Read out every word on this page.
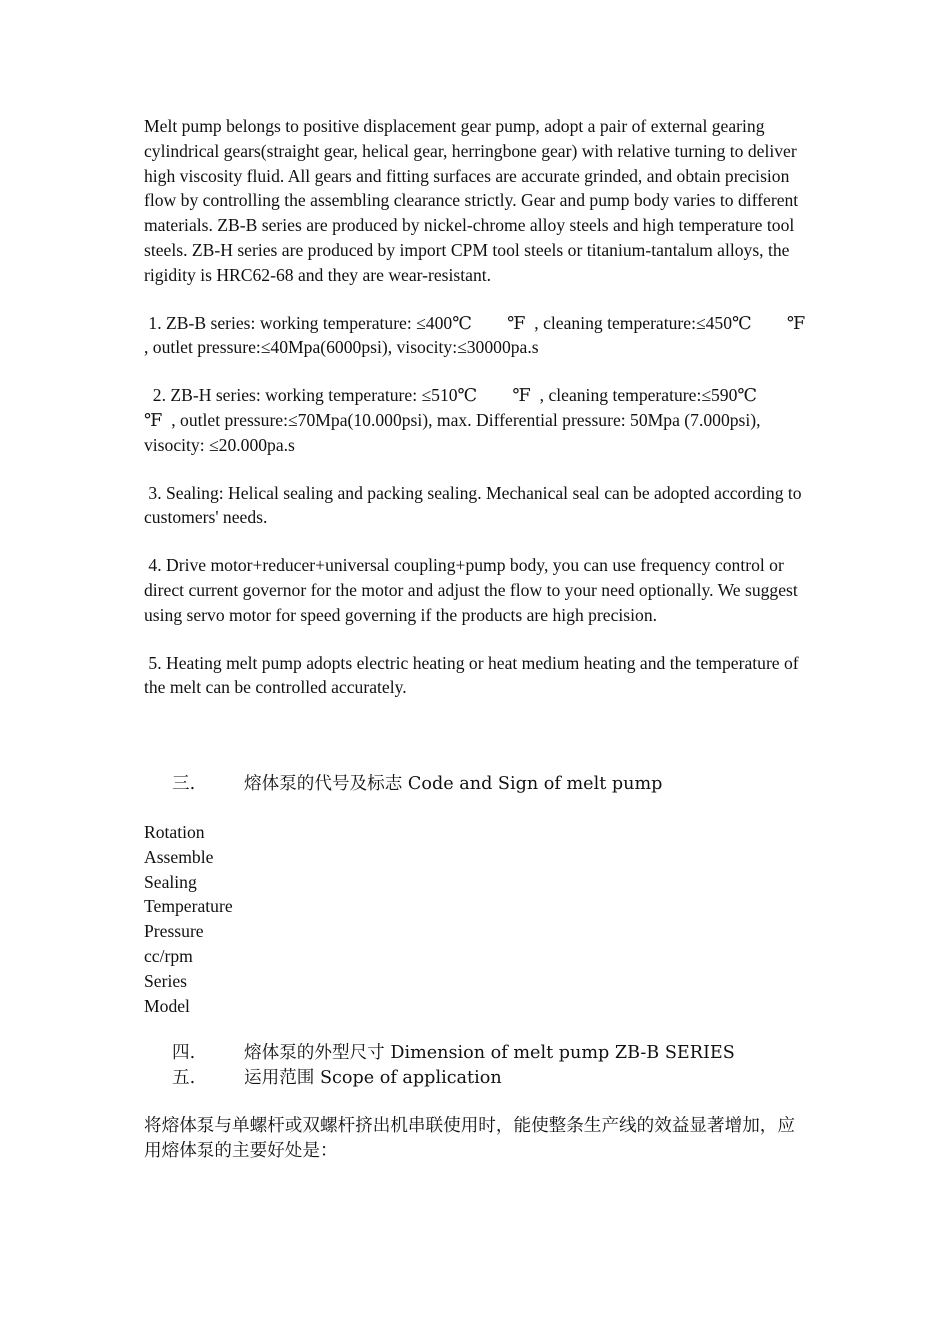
Melt pump belongs to positive displacement gear pump, adopt a pair of external gearing cylindrical gears(straight gear, helical gear, herringbone gear) with relative turning to deliver high viscosity fluid. All gears and fitting surfaces are accurate grinded, and obtain precision flow by controlling the assembling clearance strictly. Gear and pump body varies to different materials. ZB-B series are produced by nickel-chrome alloy steels and high temperature tool steels. ZB-H series are produced by import CPM tool steels or titanium-tantalum alloys, the rigidity is HRC62-68 and they are wear-resistant.

1. ZB-B series: working temperature: ≤400℃        ℉  , cleaning temperature:≤450℃        ℉  , outlet pressure:≤40Mpa(6000psi), visocity:≤30000pa.s

2. ZB-H series: working temperature: ≤510℃        ℉  , cleaning temperature:≤590℃          ℉  , outlet pressure:≤70Mpa(10.000psi), max. Differential pressure: 50Mpa (7.000psi), visocity: ≤20.000pa.s

3. Sealing: Helical sealing and packing sealing. Mechanical seal can be adopted according to customers' needs.

4. Drive motor+reducer+universal coupling+pump body, you can use frequency control or direct current governor for the motor and adjust the flow to your need optionally. We suggest using servo motor for speed governing if the products are high precision.

5. Heating melt pump adopts electric heating or heat medium heating and the temperature of the melt can be controlled accurately.

三.	熔体泵的代号及标志 Code and Sign of melt pump

Rotation

Assemble

Sealing

Temperature

Pressure

cc/rpm

Series

Model

四.	熔体泵的外型尺寸 Dimension of melt pump ZB-B SERIES
五.	运用范围 Scope of application

将熔体泵与单螺杆或双螺杆挤出机串联使用时，能使整条生产线的效益显著增加，应用熔体泵的主要好处是：
